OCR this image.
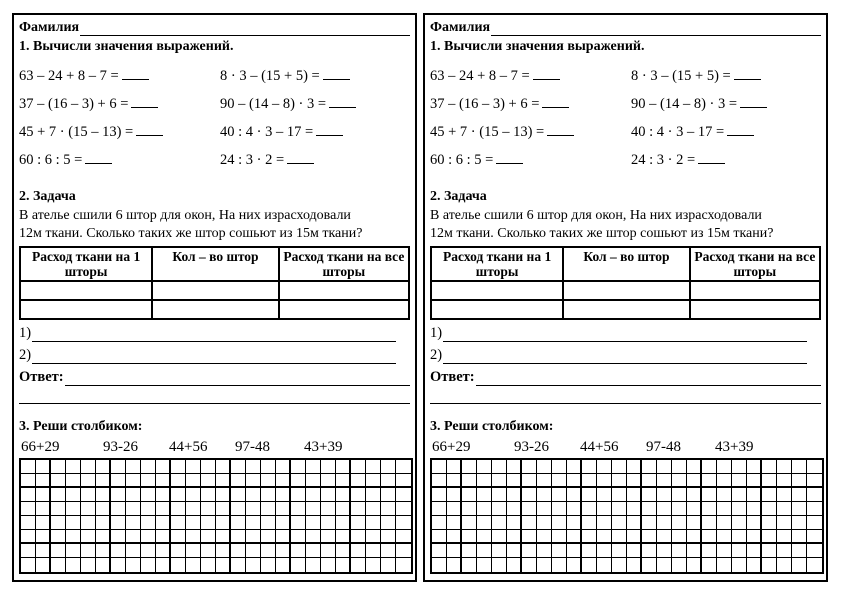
Фамилия
1. Вычисли значения выражений.
63 – 24 + 8 – 7 =	8 · 3 – (15 + 5) =
37 – (16 – 3) + 6 =	90 – (14 – 8) · 3 =
45 + 7 · (15 – 13) =	40 : 4 · 3 – 17 =
60 : 6 : 5 =	24 : 3 · 2 =
2. Задача
В ателье сшили 6 штор для окон, На них израсходовали
12м ткани. Сколько таких же штор сошьют из 15м ткани?
Расход ткани на 1 шторы	Кол – во штор	Расход ткани на все шторы

1)
2)
Ответ:
3. Реши столбиком:
66+29	93-26 44+56 97-48 43+39
Фамилия
1. Вычисли значения выражений.
63 – 24 + 8 – 7 =	8 · 3 – (15 + 5) =
37 – (16 – 3) + 6 =	90 – (14 – 8) · 3 =
45 + 7 · (15 – 13) =	40 : 4 · 3 – 17 =
60 : 6 : 5 =	24 : 3 · 2 =
2. Задача
В ателье сшили 6 штор для окон, На них израсходовали
12м ткани. Сколько таких же штор сошьют из 15м ткани?
Расход ткани на 1 шторы	Кол – во штор	Расход ткани на все шторы

1)
2)
Ответ:
3. Реши столбиком:
66+29	93-26 44+56 97-48 43+39
